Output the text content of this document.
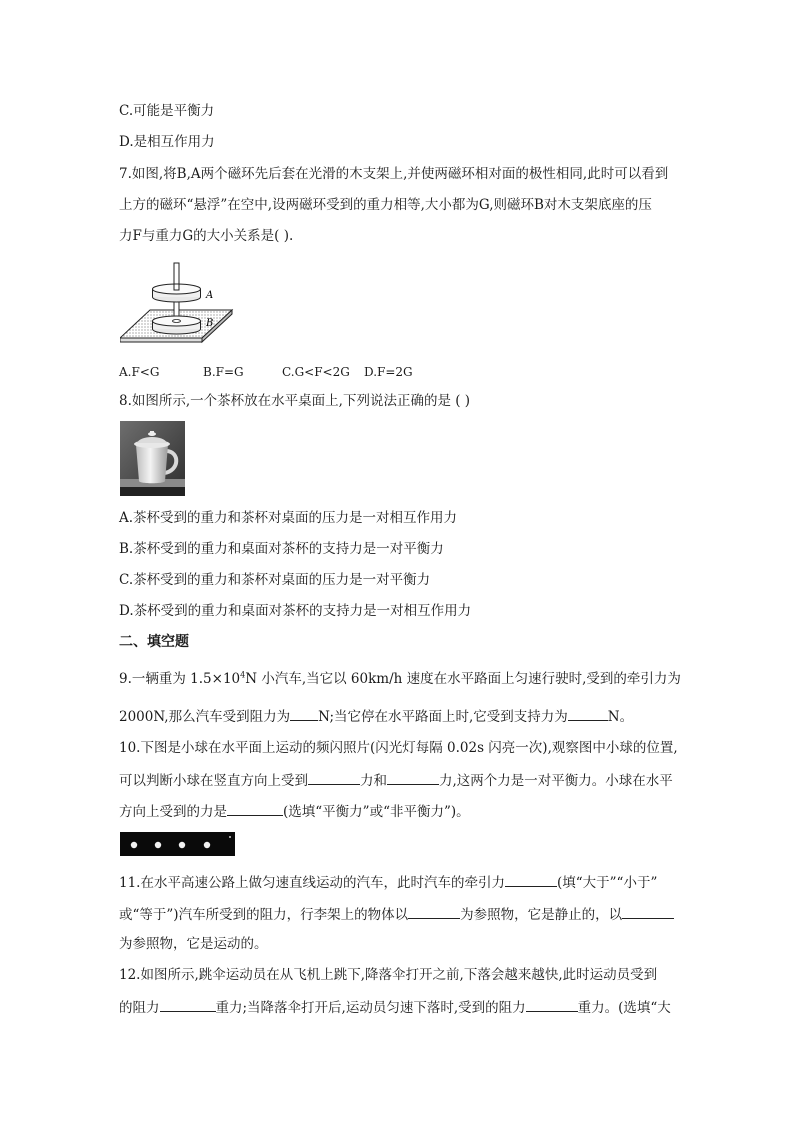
C.可能是平衡力
D.是相互作用力
7.如图,将B,A两个磁环先后套在光滑的木支架上,并使两磁环相对面的极性相同,此时可以看到
上方的磁环“悬浮”在空中,设两磁环受到的重力相等,大小都为G,则磁环B对木支架底座的压
力F与重力G的大小关系是( ).
A
B
A.F<G	B.F=G	C.G<F<2G D.F=2G
8.如图所示,一个茶杯放在水平桌面上,下列说法正确的是 ( )
A.茶杯受到的重力和茶杯对桌面的压力是一对相互作用力
B.茶杯受到的重力和桌面对茶杯的支持力是一对平衡力
C.茶杯受到的重力和茶杯对桌面的压力是一对平衡力
D.茶杯受到的重力和桌面对茶杯的支持力是一对相互作用力
二、填空题
9.一辆重为 $1.5\times 10^4N$ 小汽车,当它以 60km/h 速度在水平路面上匀速行驶时,受到的牵引力为
2000N,那么汽车受到阻力为 N;当它停在水平路面上时,它受到支持力为	N。
10.下图是小球在水平面上运动的频闪照片(闪光灯每隔 0.02s 闪亮一次),观察图中小球的位置,
可以判断小球在竖直方向上受到	力和	力,这两个力是一对平衡力。小球在水平
方向上受到的力是	(选填“平衡力”或“非平衡力”)。
11.在水平高速公路上做匀速直线运动的汽车，此时汽车的牵引力	(填“大于”“小于”
或“等于”)汽车所受到的阻力，行李架上的物体以	为参照物，它是静止的，以
为参照物，它是运动的。
12.如图所示,跳伞运动员在从飞机上跳下,降落伞打开之前,下落会越来越快,此时运动员受到
的阻力	重力;当降落伞打开后,运动员匀速下落时,受到的阻力	重力。(选填“大
